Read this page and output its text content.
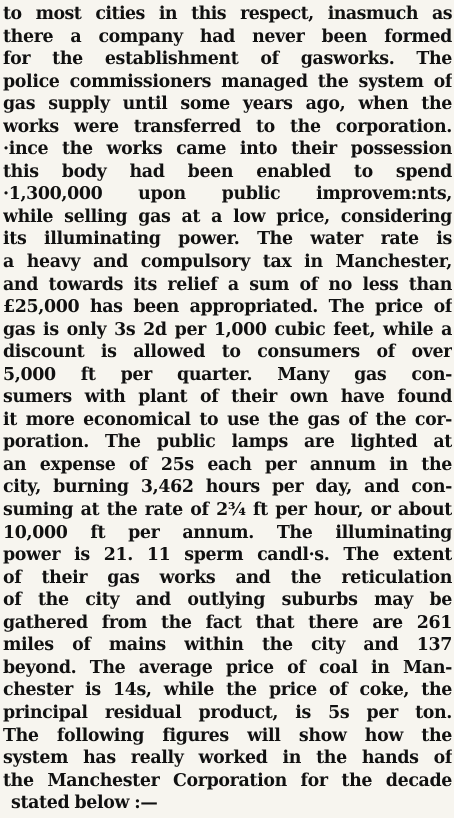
to most cities in this respect, inasmuch as
there a company had never been formed
for the establishment of gasworks. The
police commissioners managed the system of
gas supply until some years ago, when the
works were transferred to the corporation.
·ince the works came into their possession
this body had been enabled to spend
·1,300,000 upon public improvem:nts,
while selling gas at a low price, considering
its illuminating power. The water rate is
a heavy and compulsory tax in Manchester,
and towards its relief a sum of no less than
£25,000 has been appropriated. The price of
gas is only 3s 2d per 1,000 cubic feet, while a
discount is allowed to consumers of over
5,000 ft per quarter. Many gas con-
sumers with plant of their own have found
it more economical to use the gas of the cor-
poration. The public lamps are lighted at
an expense of 25s each per annum in the
city, burning 3,462 hours per day, and con-
suming at the rate of 2¾ ft per hour, or about
10,000 ft per annum. The illuminating
power is 21. 11 sperm candl·s. The extent
of their gas works and the reticulation
of the city and outlying suburbs may be
gathered from the fact that there are 261
miles of mains within the city and 137
beyond. The average price of coal in Man-
chester is 14s, while the price of coke, the
principal residual product, is 5s per ton.
The following figures will show how the
system has really worked in the hands of
the Manchester Corporation for the decade
stated below :—
